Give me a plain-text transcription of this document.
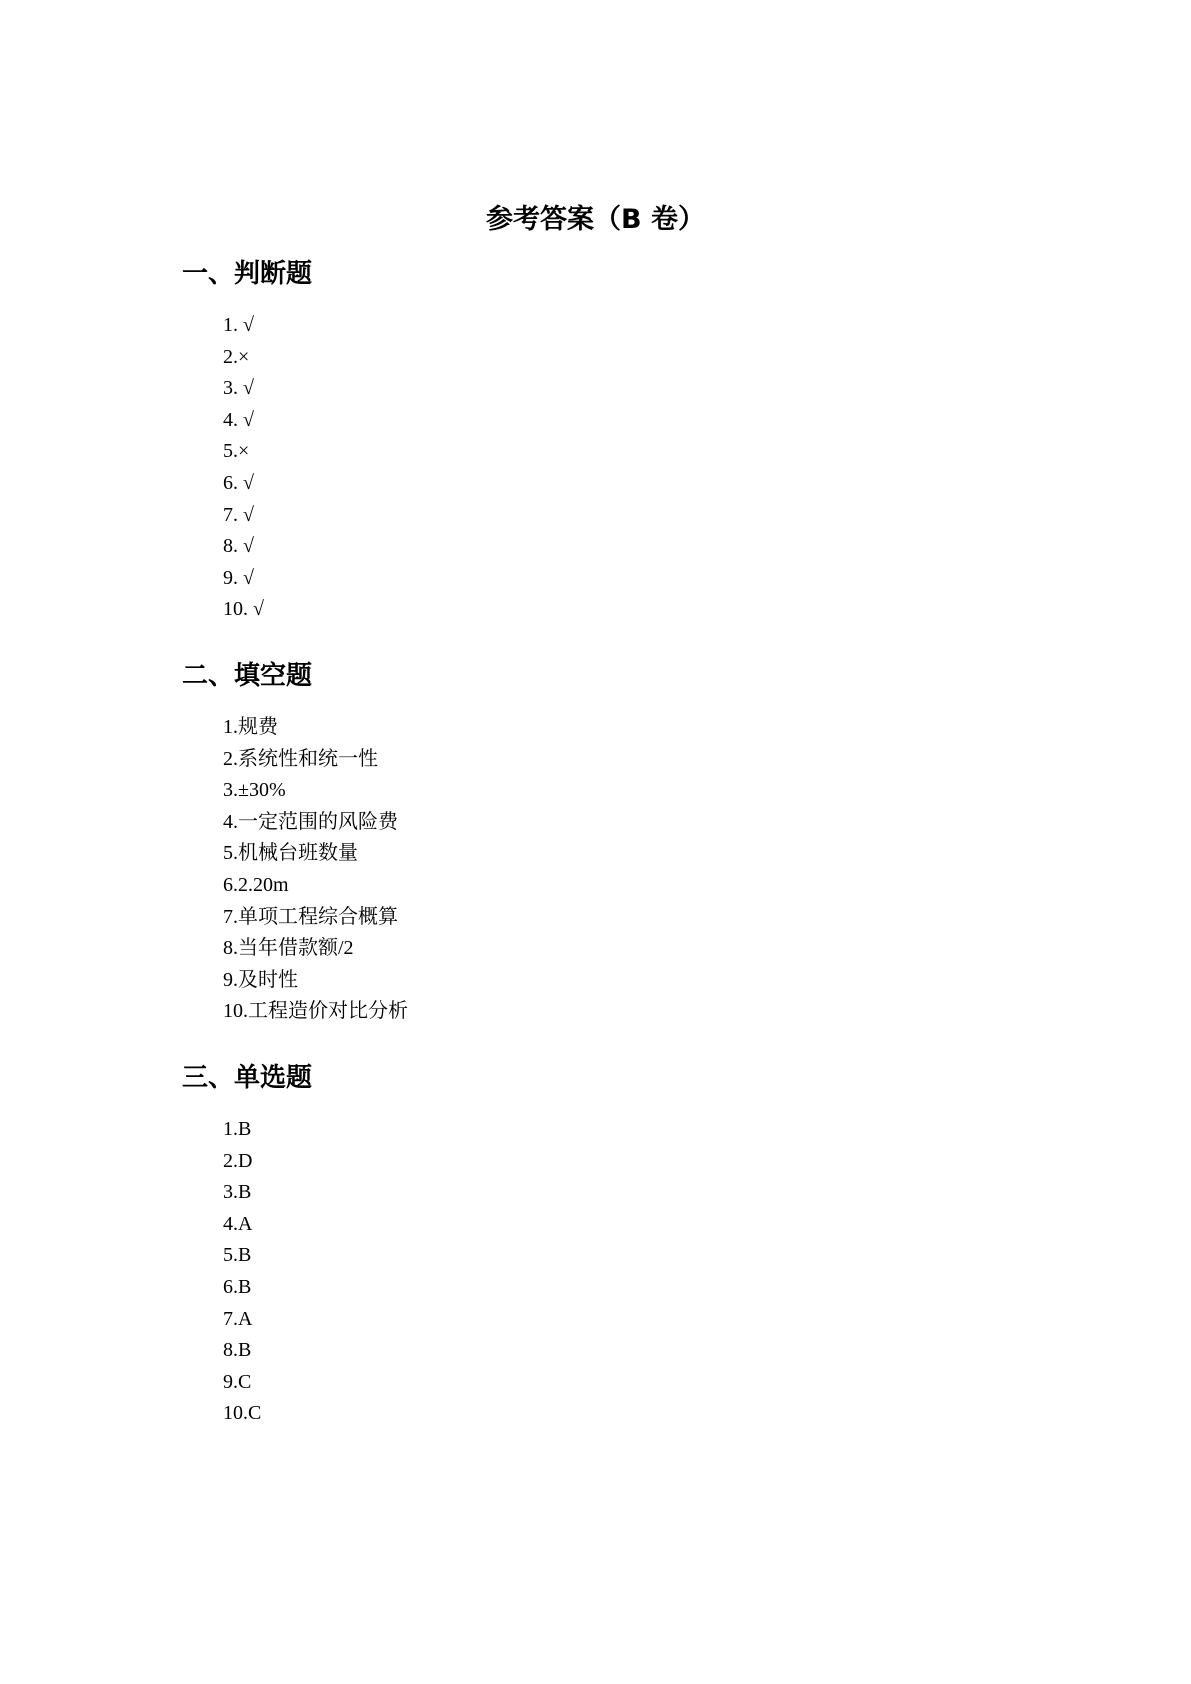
参考答案（B 卷）
一、判断题
1. √
2.×
3. √
4. √
5.×
6. √
7. √
8. √
9. √
10. √
二、填空题
1.规费
2.系统性和统一性
3.±30%
4.一定范围的风险费
5.机械台班数量
6.2.20m
7.单项工程综合概算
8.当年借款额/2
9.及时性
10.工程造价对比分析
三、单选题
1.B
2.D
3.B
4.A
5.B
6.B
7.A
8.B
9.C
10.C
